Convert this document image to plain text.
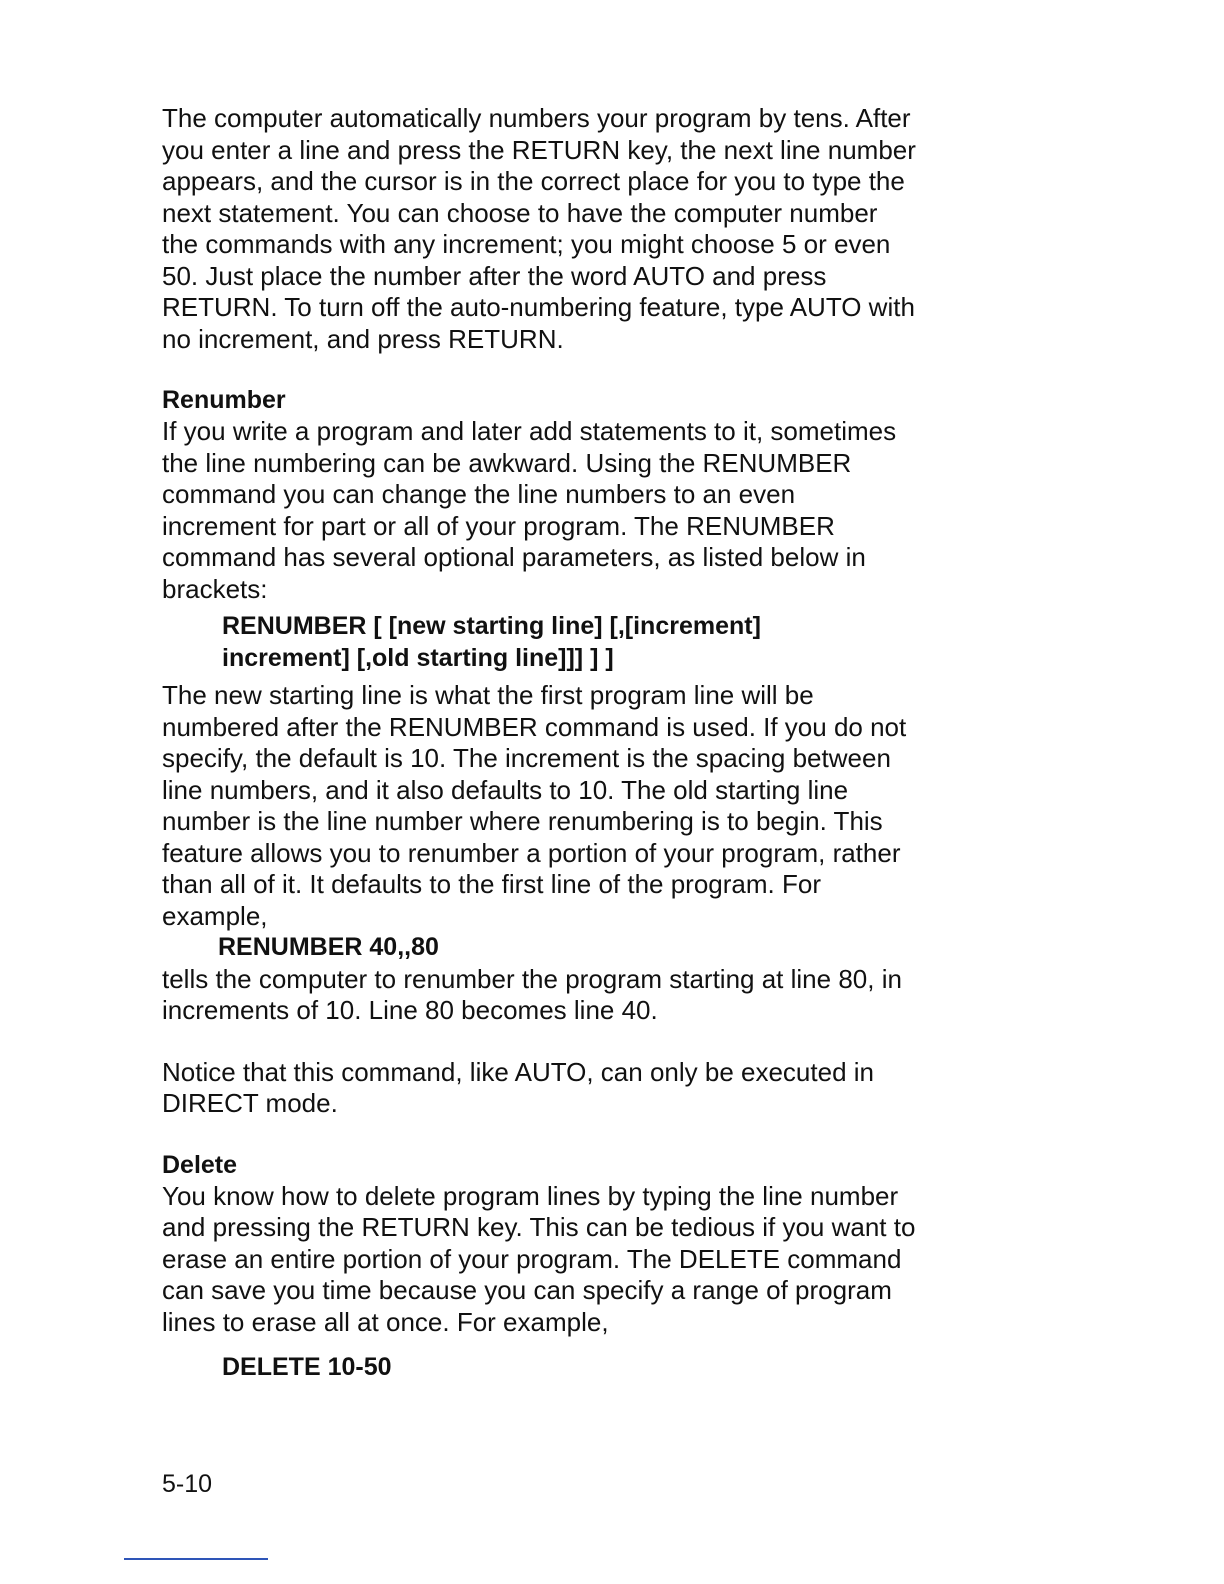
The computer automatically numbers your program by tens. After
you enter a line and press the RETURN key, the next line number
appears, and the cursor is in the correct place for you to type the
next statement. You can choose to have the computer number
the commands with any increment; you might choose 5 or even
50. Just place the number after the word AUTO and press
RETURN. To turn off the auto-numbering feature, type AUTO with
no increment, and press RETURN.

Renumber

If you write a program and later add statements to it, sometimes
the line numbering can be awkward. Using the RENUMBER
command you can change the line numbers to an even
increment for part or all of your program. The RENUMBER
command has several optional parameters, as listed below in
brackets:

RENUMBER [ [new starting line] [,[increment]
increment] [,old starting line]]] ] ]

The new starting line is what the first program line will be
numbered after the RENUMBER command is used. If you do not
specify, the default is 10. The increment is the spacing between
line numbers, and it also defaults to 10. The old starting line
number is the line number where renumbering is to begin. This
feature allows you to renumber a portion of your program, rather
than all of it. It defaults to the first line of the program. For
example,

RENUMBER 40,,80

tells the computer to renumber the program starting at line 80, in
increments of 10. Line 80 becomes line 40.

Notice that this command, like AUTO, can only be executed in
DIRECT mode.

Delete

You know how to delete program lines by typing the line number
and pressing the RETURN key. This can be tedious if you want to
erase an entire portion of your program. The DELETE command
can save you time because you can specify a range of program
lines to erase all at once. For example,

DELETE 10-50

5-10
